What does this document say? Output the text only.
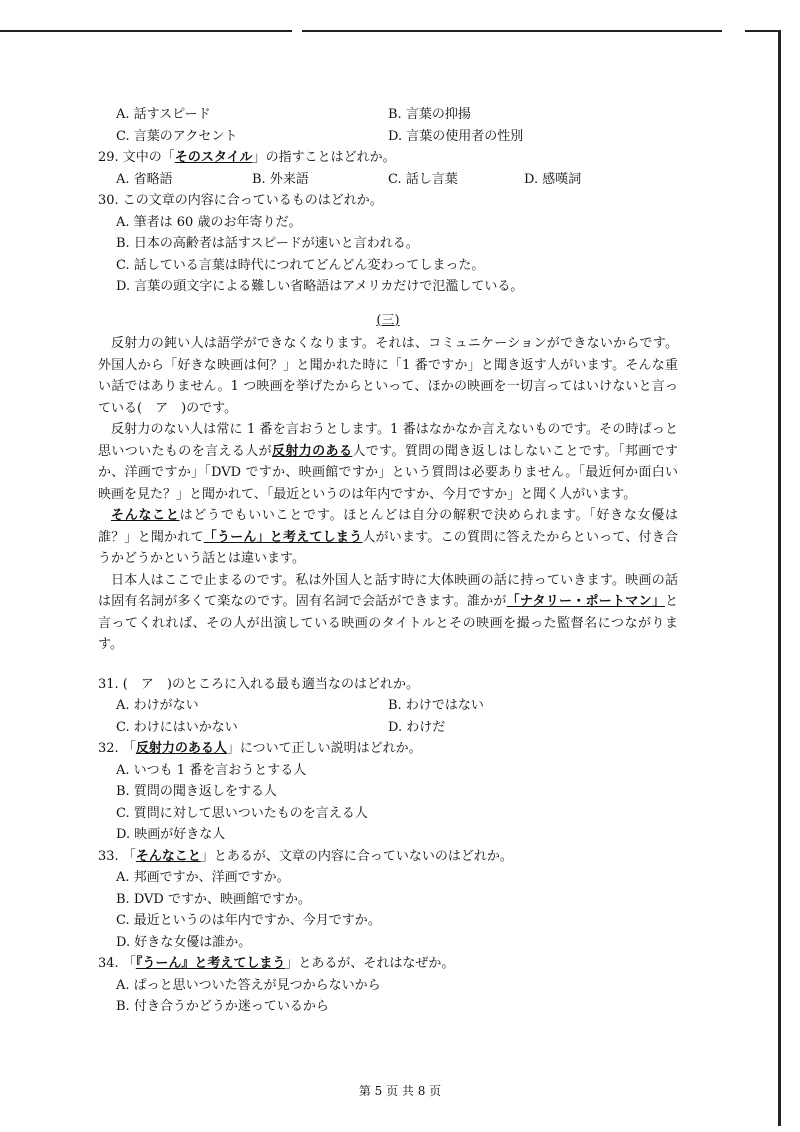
A. 話すスピード	B. 言葉の抑揚
C. 言葉のアクセント	D. 言葉の使用者の性別
29. 文中の「そのスタイル」の指すことはどれか。
A. 省略語	B. 外来語	C. 話し言葉	D. 感嘆詞
30. この文章の内容に合っているものはどれか。
A. 筆者は 60 歳のお年寄りだ。
B. 日本の高齢者は話すスピードが速いと言われる。
C. 話している言葉は時代につれてどんどん変わってしまった。
D. 言葉の頭文字による難しい省略語はアメリカだけで氾濫している。
(三)

反射力の鈍い人は語学ができなくなります。それは、コミュニケーションができないからです。外国人から「好きな映画は何？」と聞かれた時に「1 番ですか」と聞き返す人がいます。そんな重い話ではありません。1 つ映画を挙げたからといって、ほかの映画を一切言ってはいけないと言っている(　ア　)のです。

反射力のない人は常に 1 番を言おうとします。1 番はなかなか言えないものです。その時ぱっと思いついたものを言える人が反射力のある人です。質問の聞き返しはしないことです。「邦画ですか、洋画ですか」「DVD ですか、映画館ですか」という質問は必要ありません。「最近何か面白い映画を見た？」と聞かれて、「最近というのは年内ですか、今月ですか」と聞く人がいます。

そんなことはどうでもいいことです。ほとんどは自分の解釈で決められます。「好きな女優は誰？」と聞かれて「うーん」と考えてしまう人がいます。この質問に答えたからといって、付き合うかどうかという話とは違います。

日本人はここで止まるのです。私は外国人と話す時に大体映画の話に持っていきます。映画の話は固有名詞が多くて楽なのです。固有名詞で会話ができます。誰かが「ナタリー・ポートマン」と言ってくれれば、その人が出演している映画のタイトルとその映画を撮った監督名につながります。

31. (　ア　)のところに入れる最も適当なのはどれか。
A. わけがない	B. わけではない
C. わけにはいかない	D. わけだ
32. 「反射力のある人」について正しい説明はどれか。
A. いつも 1 番を言おうとする人
B. 質問の聞き返しをする人
C. 質問に対して思いついたものを言える人
D. 映画が好きな人
33. 「そんなこと」とあるが、文章の内容に合っていないのはどれか。
A. 邦画ですか、洋画ですか。
B. DVD ですか、映画館ですか。
C. 最近というのは年内ですか、今月ですか。
D. 好きな女優は誰か。
34. 「『うーん』と考えてしまう」とあるが、それはなぜか。
A. ぱっと思いついた答えが見つからないから
B. 付き合うかどうか迷っているから
第 5 页 共 8 页
